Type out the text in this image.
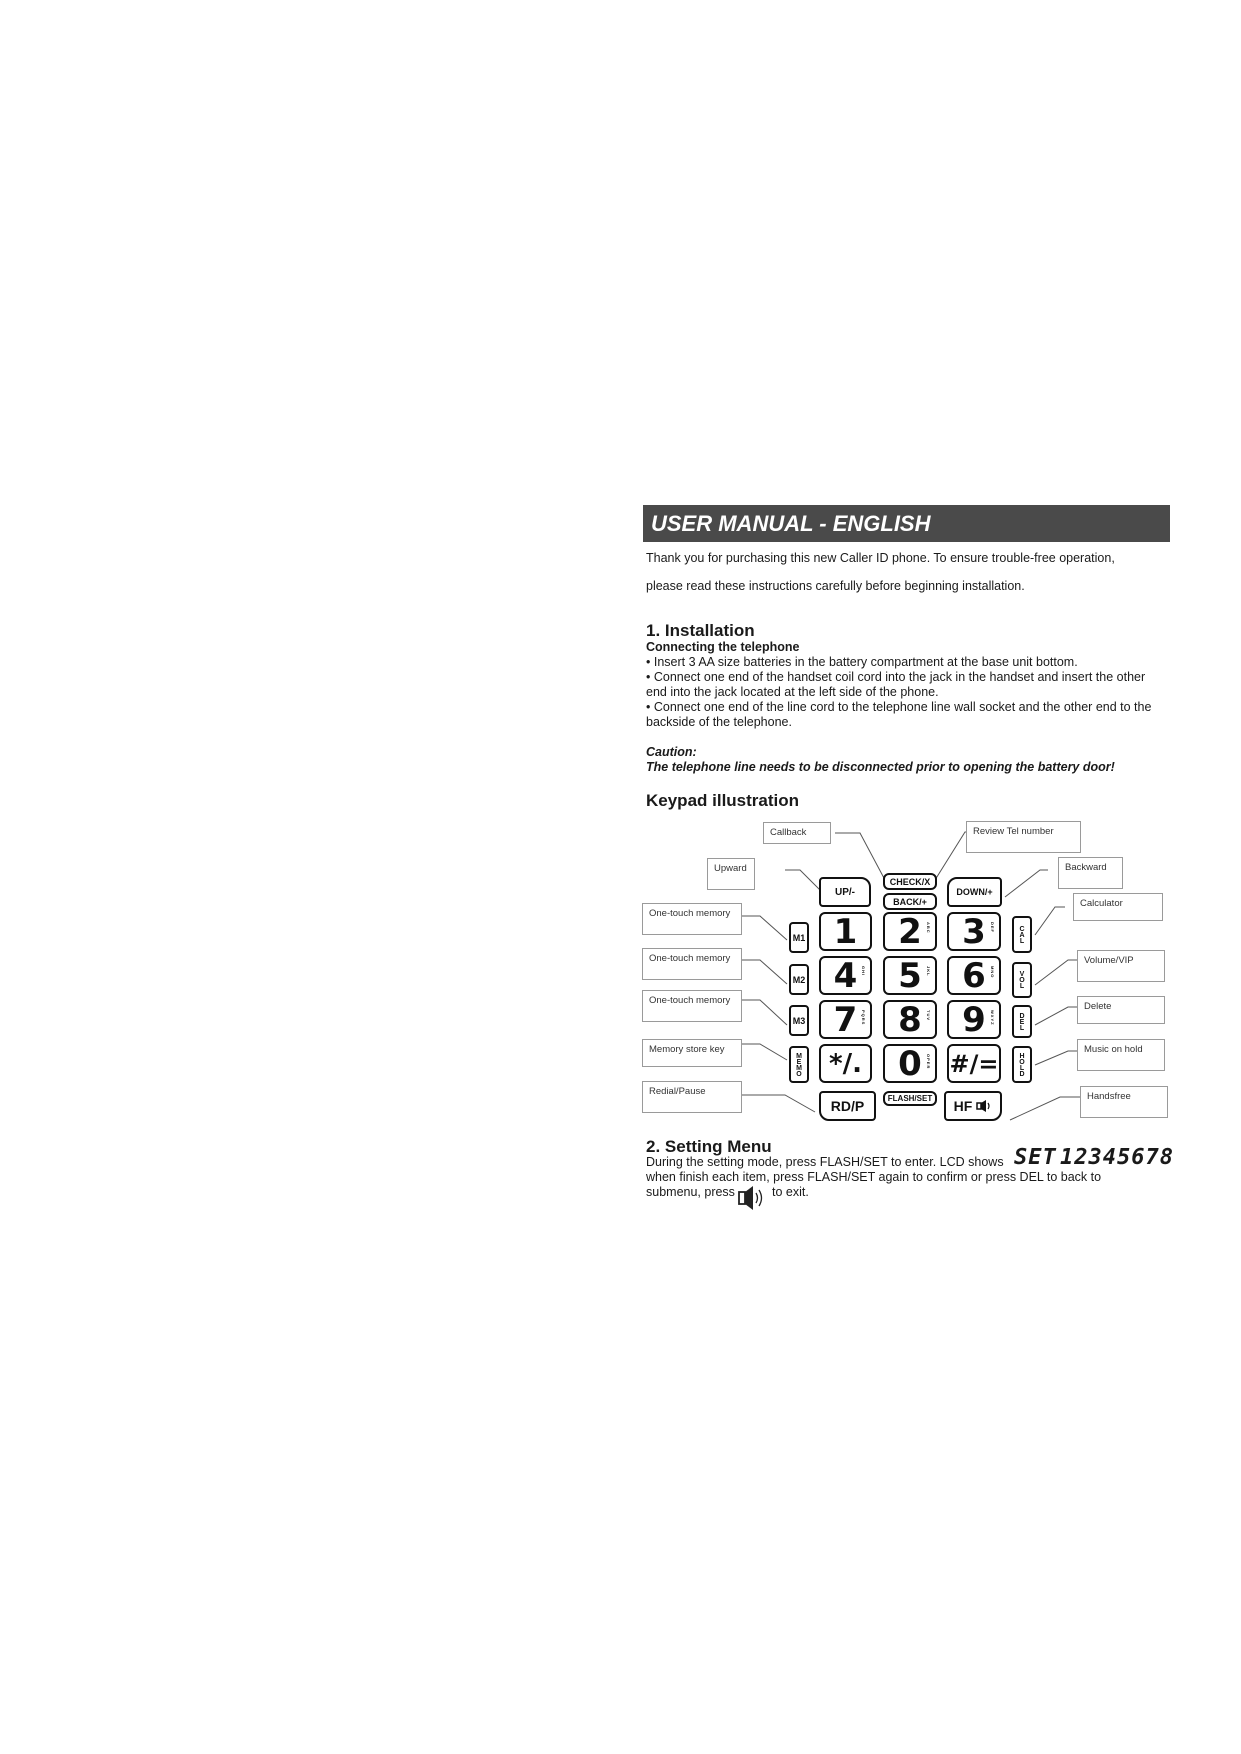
USER MANUAL - ENGLISH
Thank you for purchasing this new Caller ID phone. To ensure trouble-free operation,
please read these instructions carefully before beginning installation.
1. Installation
Connecting the telephone
• Insert 3 AA size batteries in the battery compartment at the base unit bottom.
• Connect one end of the handset coil cord into the jack in the handset and insert the other
end into the jack located at the left side of the phone.
• Connect one end of the line cord to the telephone line wall socket and the other end to the
backside of the telephone.
Caution:
The telephone line needs to be disconnected prior to opening the battery door!
Keypad illustration
Callback	Review Tel number
Upward	Backward
Calculator
One-touch memory
One-touch memory	Volume/VIP
One-touch memory
Delete
Memory store key	Music on hold
Redial/Pause	Handsfree
UP/-
CHECK/X
BACK/+
DOWN/+
M1
M2
M3
MEMO
CAL
VOL
DEL
HOLD
1 2 ABC 3 DEF
4 GHI 5 JKL 6 MNO
7 PQRS 8 TUV 9 WXYZ
*/. 0 OPER #/=
RD/P	FLASH/SET HF
2. Setting Menu
During the setting mode, press FLASH/SET to enter. LCD shows SET 12345678
when finish each item, press FLASH/SET again to confirm or press DEL to back to
submenu, press	to exit.
